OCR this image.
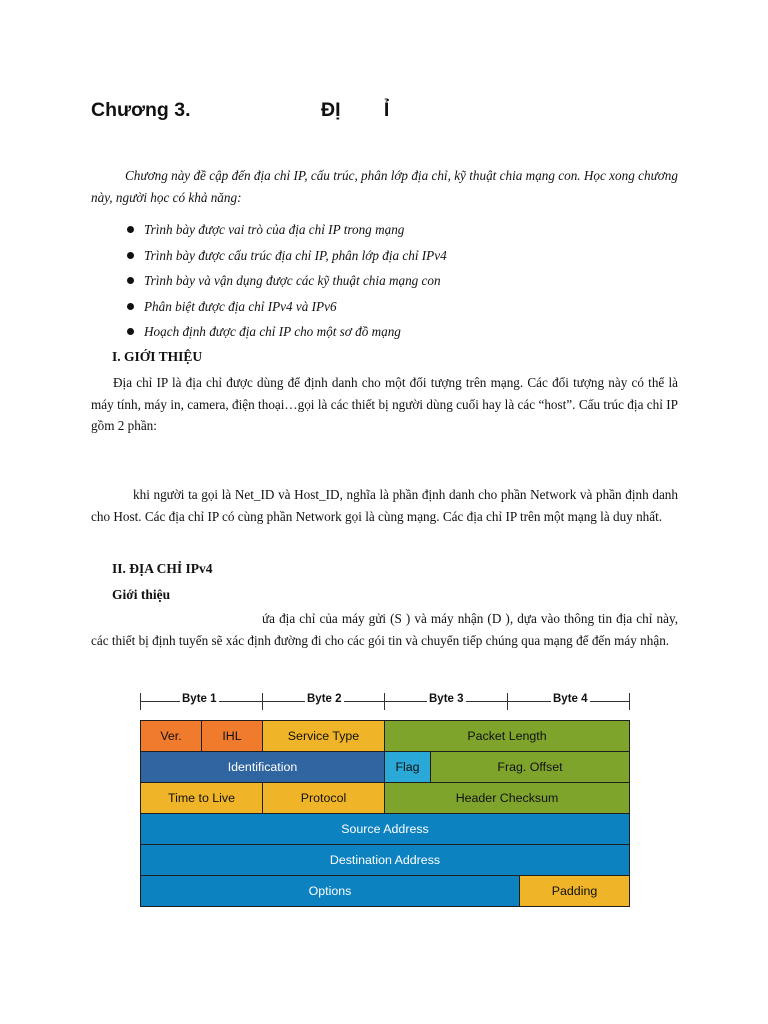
Chương 3.	ĐỊ        Ỉ
Chương này đề cập đến địa chỉ IP, cấu trúc, phân lớp địa chỉ, kỹ thuật chia mạng con. Học xong chương này, người học có khả năng:
Trình bày được vai trò của địa chỉ IP trong mạng
Trình bày được cấu trúc địa chỉ IP, phân lớp địa chỉ IPv4
Trình bày và vận dụng được các kỹ thuật chia mạng con
Phân biệt được địa chỉ IPv4 và IPv6
Hoạch định được địa chỉ IP cho một sơ đồ mạng
I. GIỚI THIỆU
Địa chỉ IP là địa chỉ được dùng để định danh cho một đối tượng trên mạng. Các đối tượng này có thể là máy tính, máy in, camera, điện thoại…gọi là các thiết bị người dùng cuối hay là các “host”. Cấu trúc địa chỉ IP gồm 2 phần:
khi người ta gọi là Net_ID và Host_ID, nghĩa là phần định danh cho phần Network và phần định danh cho Host. Các địa chỉ IP có cùng phần Network gọi là cùng mạng. Các địa chỉ IP trên một mạng là duy nhất.
II. ĐỊA CHỈ IPv4
Giới thiệu
ứa địa chỉ của máy gửi (S ) và máy nhận (D ), dựa vào thông tin địa chỉ này, các thiết bị định tuyến sẽ xác định đường đi cho các gói tin và chuyển tiếp chúng qua mạng để đến máy nhận.
Byte 1	Byte 2	Byte 3	Byte 4
Ver.	IHL	Service Type	Packet Length
Identification	Flag	Frag. Offset
Time to Live	Protocol	Header Checksum
Source Address
Destination Address
Options	Padding
